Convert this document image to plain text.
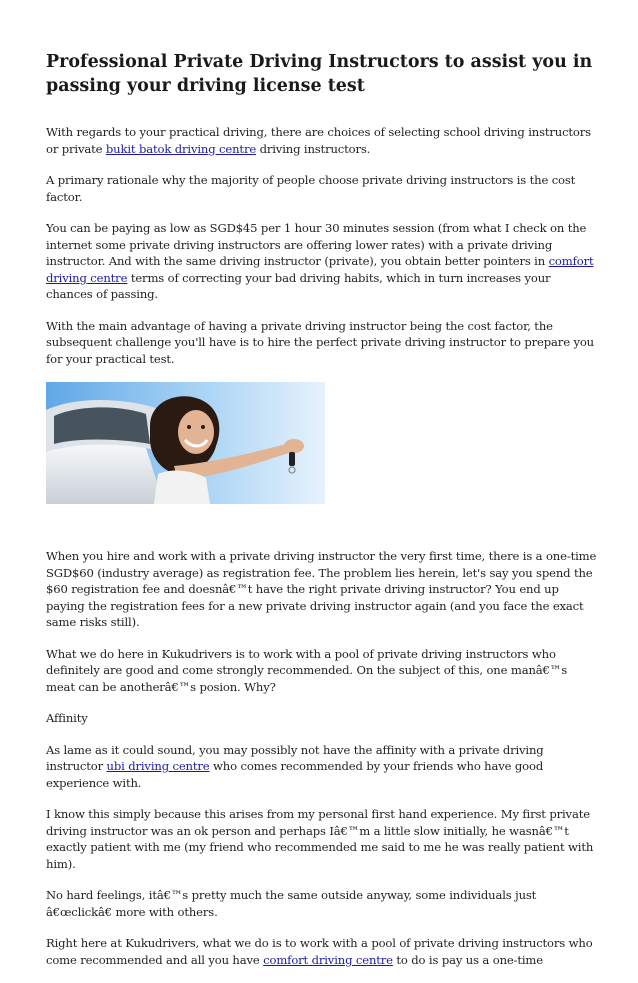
Professional Private Driving Instructors to assist you in passing your driving license test

With regards to your practical driving, there are choices of selecting school driving instructors or private bukit batok driving centre driving instructors.

A primary rationale why the majority of people choose private driving instructors is the cost factor.

You can be paying as low as SGD$45 per 1 hour 30 minutes session (from what I check on the internet some private driving instructors are offering lower rates) with a private driving instructor. And with the same driving instructor (private), you obtain better pointers in comfort driving centre terms of correcting your bad driving habits, which in turn increases your chances of passing.

With the main advantage of having a private driving instructor being the cost factor, the subsequent challenge you'll have is to hire the perfect private driving instructor to prepare you for your practical test.

When you hire and work with a private driving instructor the very first time, there is a one-time SGD$60 (industry average) as registration fee. The problem lies herein, let's say you spend the $60 registration fee and doesnâ€™t have the right private driving instructor? You end up paying the registration fees for a new private driving instructor again (and you face the exact same risks still).

What we do here in Kukudrivers is to work with a pool of private driving instructors who definitely are good and come strongly recommended. On the subject of this, one manâ€™s meat can be anotherâ€™s posion. Why?

Affinity

As lame as it could sound, you may possibly not have the affinity with a private driving instructor ubi driving centre who comes recommended by your friends who have good experience with.

I know this simply because this arises from my personal first hand experience. My first private driving instructor was an ok person and perhaps Iâ€™m a little slow initially, he wasnâ€™t exactly patient with me (my friend who recommended me said to me he was really patient with him).

No hard feelings, itâ€™s pretty much the same outside anyway, some individuals just â€œclickâ€ more with others.

Right here at Kukudrivers, what we do is to work with a pool of private driving instructors who come recommended and all you have comfort driving centre to do is pay us a one-time
